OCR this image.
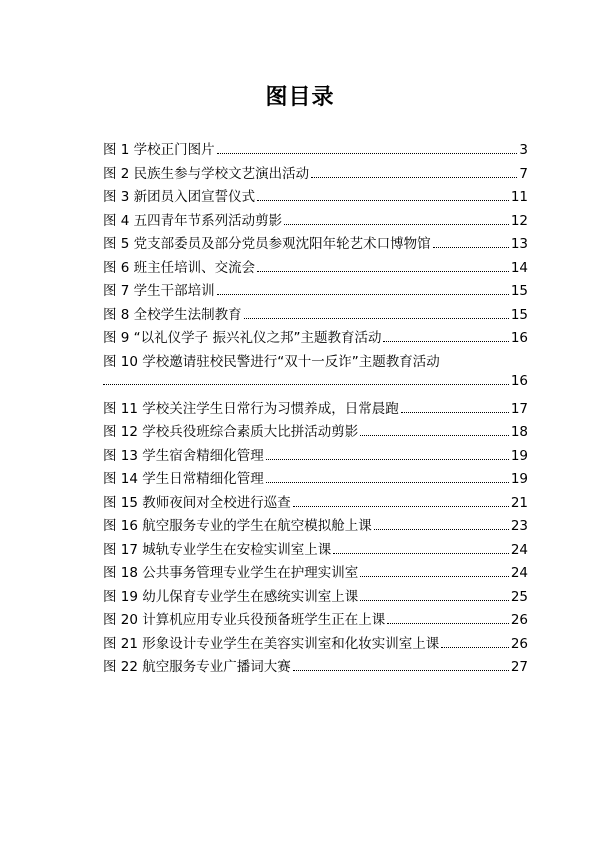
图目录
图 1 学校正门图片	3
图 2 民族生参与学校文艺演出活动	7
图 3 新团员入团宣誓仪式	11
图 4 五四青年节系列活动剪影	12
图 5 党支部委员及部分党员参观沈阳年轮艺术口博物馆	13
图 6 班主任培训、交流会	14
图 7 学生干部培训	15
图 8 全校学生法制教育	15
图 9 “以礼仪学子 振兴礼仪之邦”主题教育活动	16
图 10 学校邀请驻校民警进行“双十一反诈”主题教育活动
16
图 11 学校关注学生日常行为习惯养成，日常晨跑	17
图 12 学校兵役班综合素质大比拼活动剪影	18
图 13 学生宿舍精细化管理	19
图 14 学生日常精细化管理	19
图 15 教师夜间对全校进行巡查	21
图 16 航空服务专业的学生在航空模拟舱上课	23
图 17 城轨专业学生在安检实训室上课	24
图 18 公共事务管理专业学生在护理实训室	24
图 19 幼儿保育专业学生在感统实训室上课	25
图 20 计算机应用专业兵役预备班学生正在上课	26
图 21 形象设计专业学生在美容实训室和化妆实训室上课	26
图 22 航空服务专业广播词大赛	27
